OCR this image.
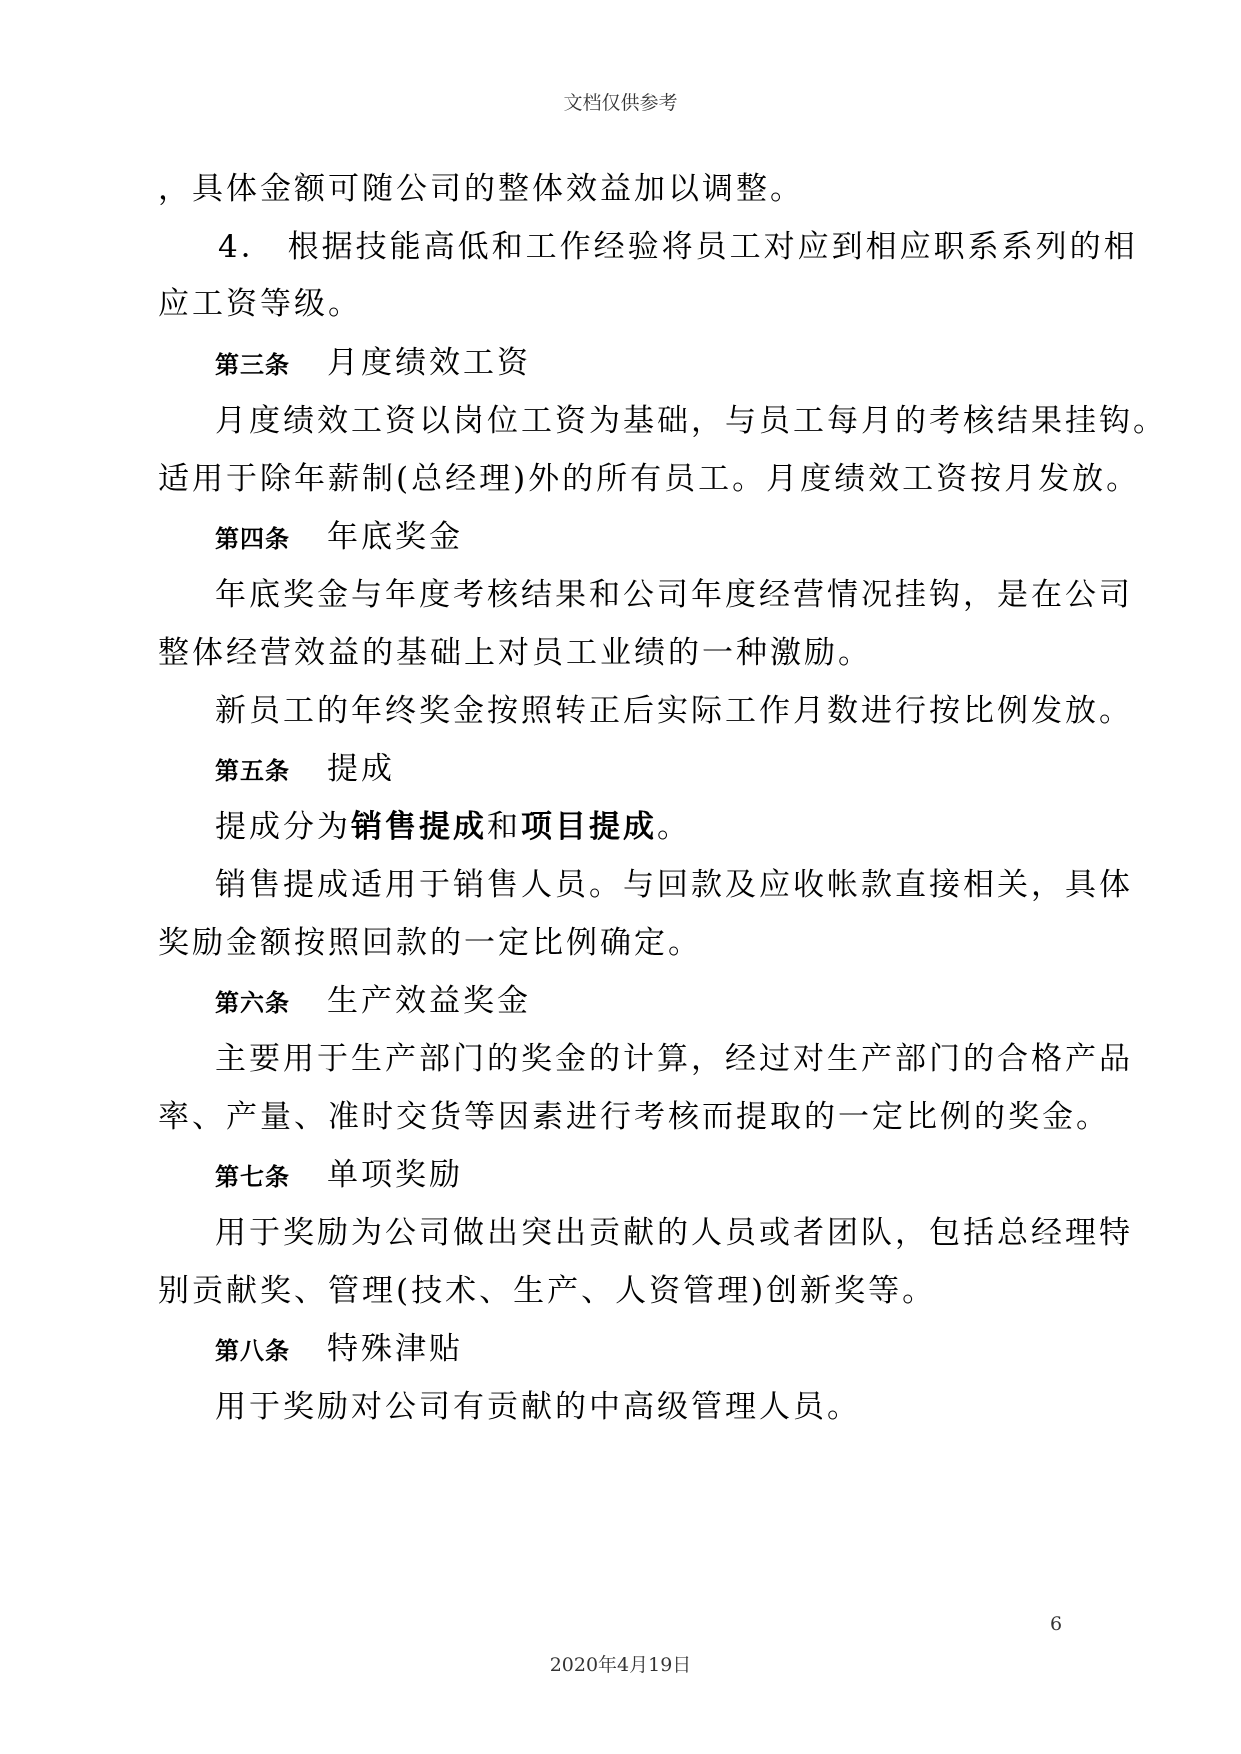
文档仅供参考
，具体金额可随公司的整体效益加以调整。
4． 根据技能高低和工作经验将员工对应到相应职系系列的相
应工资等级。
第三条 月度绩效工资
月度绩效工资以岗位工资为基础，与员工每月的考核结果挂钩。
适用于除年薪制(总经理)外的所有员工。月度绩效工资按月发放。
第四条 年底奖金
年底奖金与年度考核结果和公司年度经营情况挂钩，是在公司
整体经营效益的基础上对员工业绩的一种激励。
新员工的年终奖金按照转正后实际工作月数进行按比例发放。
第五条 提成
提成分为销售提成和项目提成。
销售提成适用于销售人员。与回款及应收帐款直接相关，具体
奖励金额按照回款的一定比例确定。
第六条 生产效益奖金
主要用于生产部门的奖金的计算，经过对生产部门的合格产品
率、产量、准时交货等因素进行考核而提取的一定比例的奖金。
第七条 单项奖励
用于奖励为公司做出突出贡献的人员或者团队，包括总经理特
别贡献奖、管理(技术、生产、人资管理)创新奖等。
第八条 特殊津贴
用于奖励对公司有贡献的中高级管理人员。
6
2020年4月19日
